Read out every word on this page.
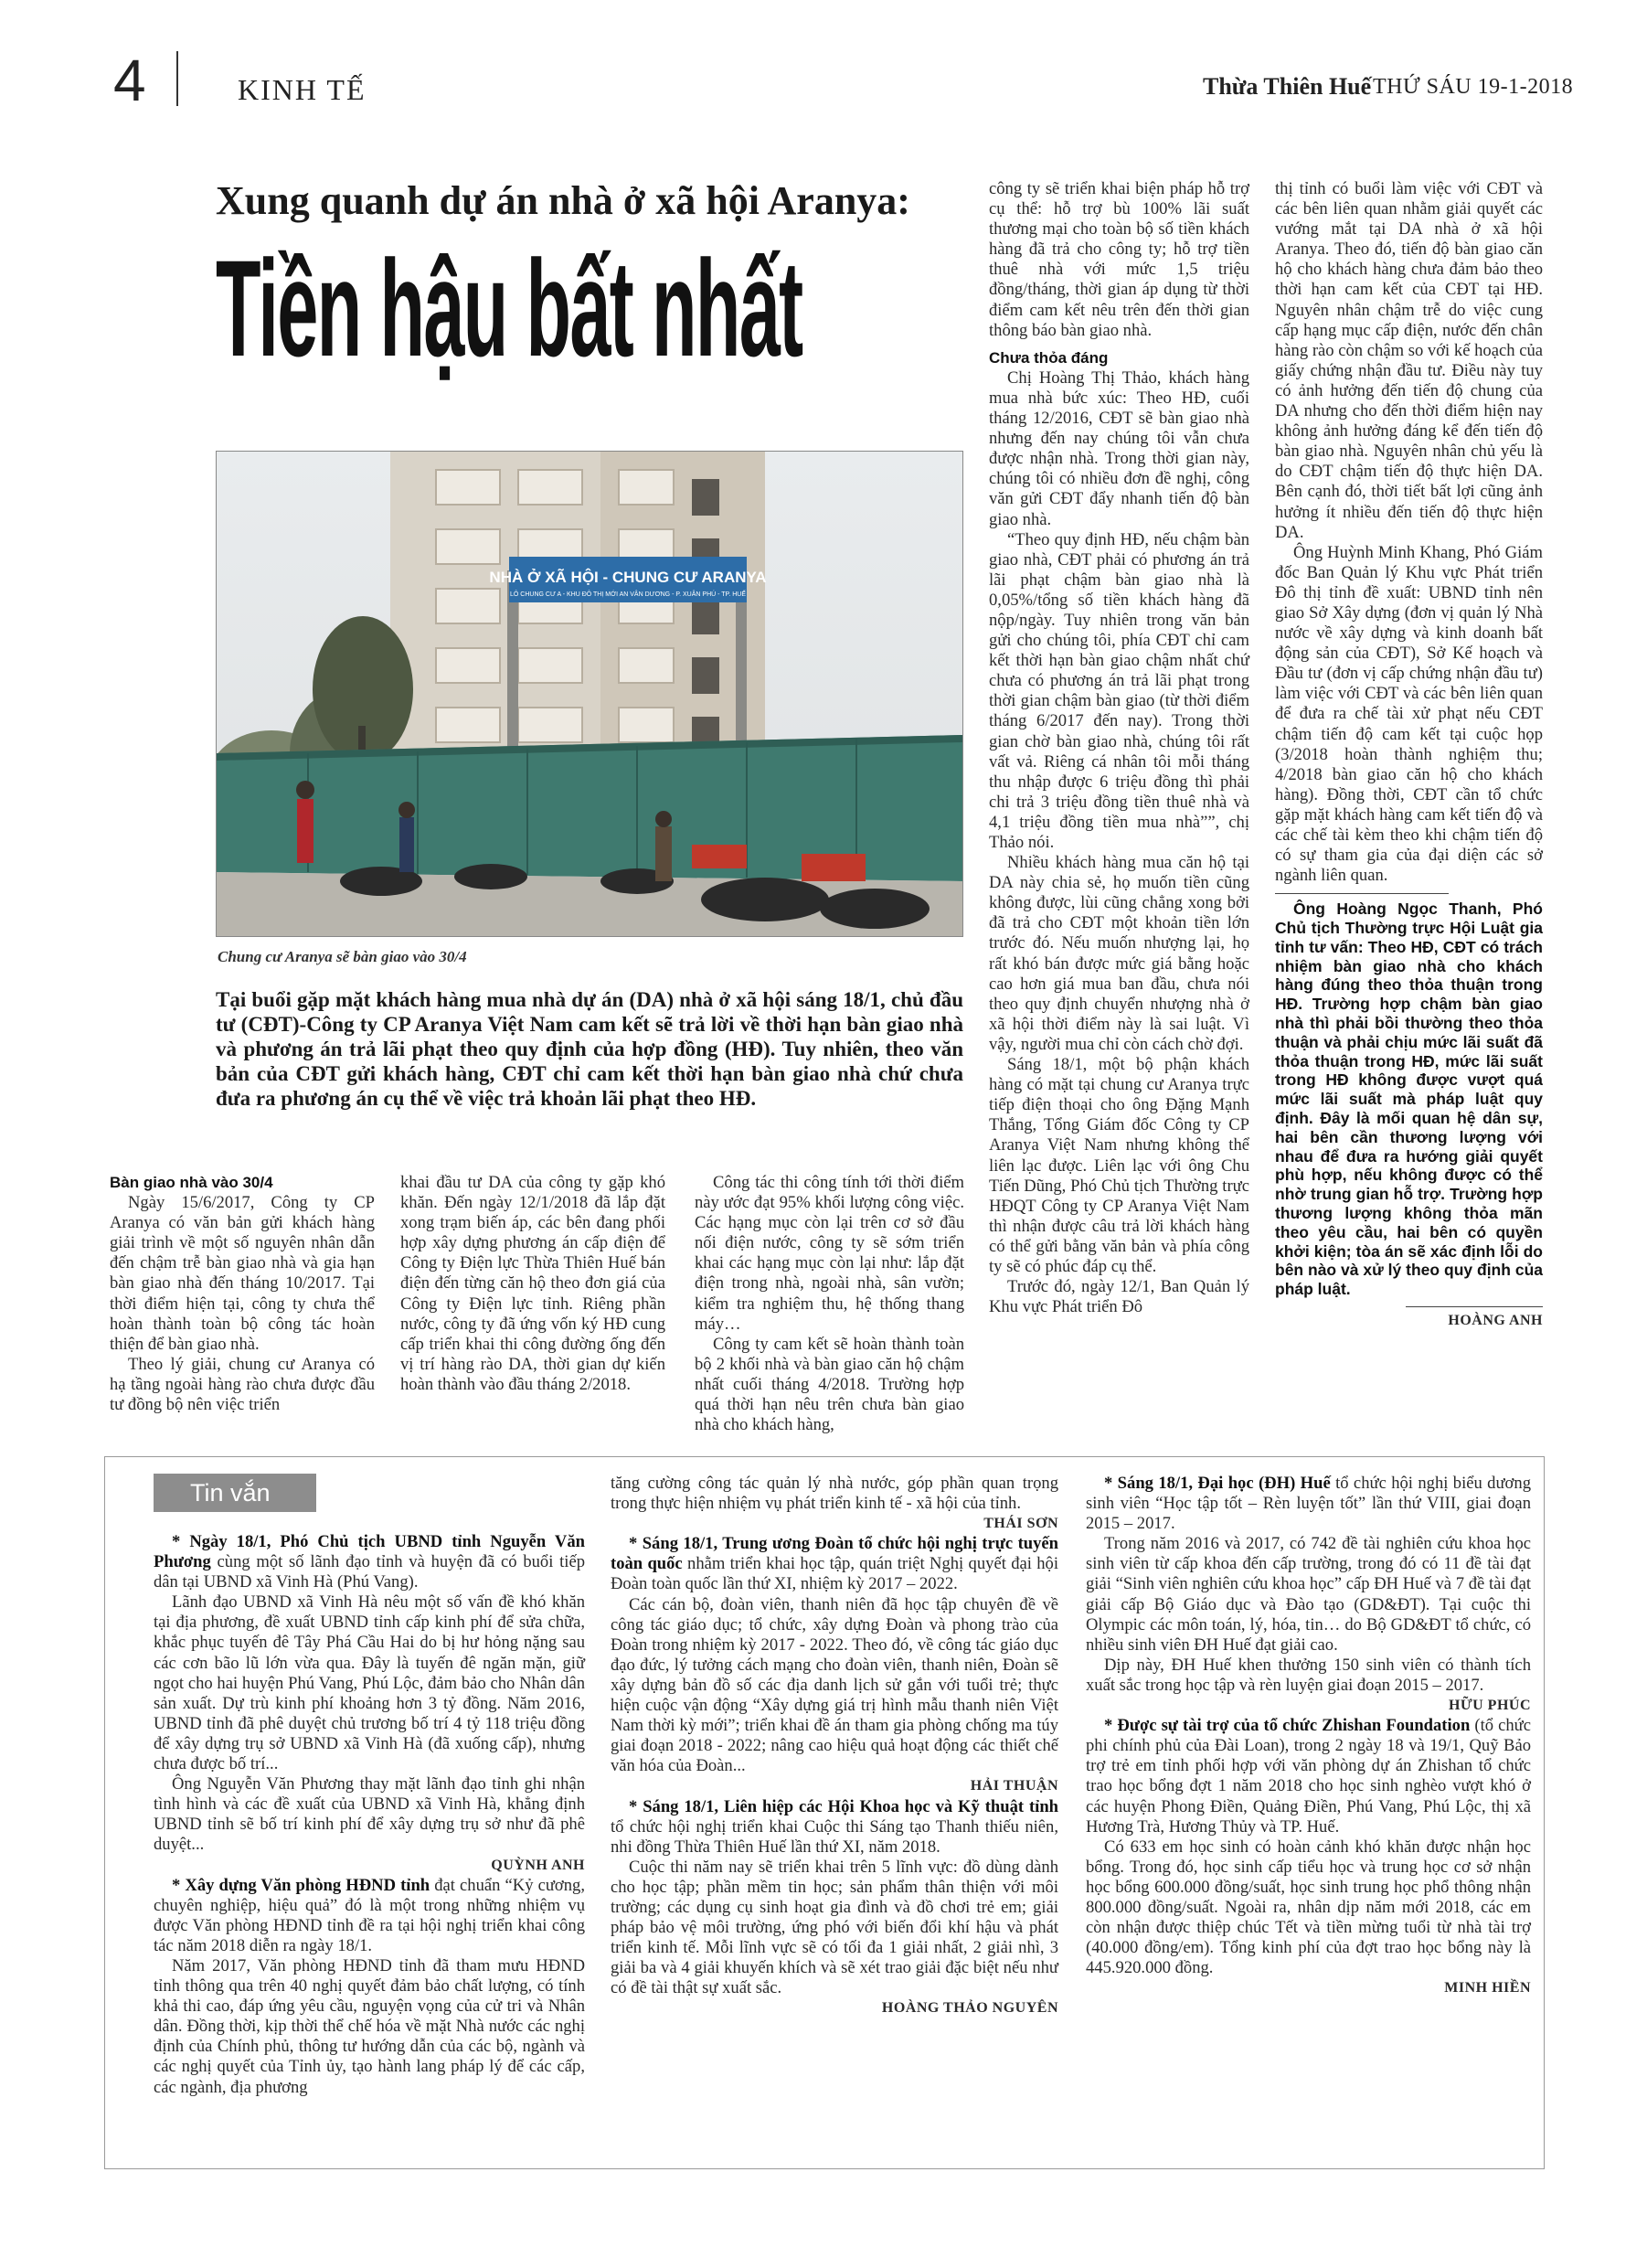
4	KINH TẾ	Thừa Thiên Huế THỨ SÁU 19-1-2018
Xung quanh dự án nhà ở xã hội Aranya:
Tiền hậu bất nhất
NHÀ Ở XÃ HỘI - CHUNG CƯ ARANYA
LÔ CHUNG CƯ A - KHU ĐÔ THỊ MỚI AN VÂN DƯƠNG - P. XUÂN PHÚ - TP. HUẾ
Chung cư Aranya sẽ bàn giao vào 30/4
Tại buổi gặp mặt khách hàng mua nhà dự án (DA) nhà ở xã hội sáng 18/1, chủ đầu tư (CĐT)-Công ty CP Aranya Việt Nam cam kết sẽ trả lời về thời hạn bàn giao nhà và phương án trả lãi phạt theo quy định của hợp đồng (HĐ). Tuy nhiên, theo văn bản của CĐT gửi khách hàng, CĐT chỉ cam kết thời hạn bàn giao nhà chứ chưa đưa ra phương án cụ thể về việc trả khoản lãi phạt theo HĐ.

Bàn giao nhà vào 30/4

Ngày 15/6/2017, Công ty CP Aranya có văn bản gửi khách hàng giải trình về một số nguyên nhân dẫn đến chậm trễ bàn giao nhà và gia hạn bàn giao nhà đến tháng 10/2017. Tại thời điểm hiện tại, công ty chưa thể hoàn thành toàn bộ công tác hoàn thiện để bàn giao nhà.

Theo lý giải, chung cư Aranya có hạ tầng ngoài hàng rào chưa được đầu tư đồng bộ nên việc triển

khai đầu tư DA của công ty gặp khó khăn. Đến ngày 12/1/2018 đã lắp đặt xong trạm biến áp, các bên đang phối hợp xây dựng phương án cấp điện để Công ty Điện lực Thừa Thiên Huế bán điện đến từng căn hộ theo đơn giá của Công ty Điện lực tỉnh. Riêng phần nước, công ty đã ứng vốn ký HĐ cung cấp triển khai thi công đường ống đến vị trí hàng rào DA, thời gian dự kiến hoàn thành vào đầu tháng 2/2018.

Công tác thi công tính tới thời điểm này ước đạt 95% khối lượng công việc. Các hạng mục còn lại trên cơ sở đầu nối điện nước, công ty sẽ sớm triển khai các hạng mục còn lại như: lắp đặt điện trong nhà, ngoài nhà, sân vườn; kiểm tra nghiệm thu, hệ thống thang máy…

Công ty cam kết sẽ hoàn thành toàn bộ 2 khối nhà và bàn giao căn hộ chậm nhất cuối tháng 4/2018. Trường hợp quá thời hạn nêu trên chưa bàn giao nhà cho khách hàng,

công ty sẽ triển khai biện pháp hỗ trợ cụ thể: hỗ trợ bù 100% lãi suất thương mại cho toàn bộ số tiền khách hàng đã trả cho công ty; hỗ trợ tiền thuê nhà với mức 1,5 triệu đồng/tháng, thời gian áp dụng từ thời điểm cam kết nêu trên đến thời gian thông báo bàn giao nhà.

Chưa thỏa đáng

Chị Hoàng Thị Thảo, khách hàng mua nhà bức xúc: Theo HĐ, cuối tháng 12/2016, CĐT sẽ bàn giao nhà nhưng đến nay chúng tôi vẫn chưa được nhận nhà. Trong thời gian này, chúng tôi có nhiều đơn đề nghị, công văn gửi CĐT đẩy nhanh tiến độ bàn giao nhà.

“Theo quy định HĐ, nếu chậm bàn giao nhà, CĐT phải có phương án trả lãi phạt chậm bàn giao nhà là 0,05%/tổng số tiền khách hàng đã nộp/ngày. Tuy nhiên trong văn bản gửi cho chúng tôi, phía CĐT chỉ cam kết thời hạn bàn giao chậm nhất chứ chưa có phương án trả lãi phạt trong thời gian chậm bàn giao (từ thời điểm tháng 6/2017 đến nay). Trong thời gian chờ bàn giao nhà, chúng tôi rất vất vả. Riêng cá nhân tôi mỗi tháng thu nhập được 6 triệu đồng thì phải chi trả 3 triệu đồng tiền thuê nhà và 4,1 triệu đồng tiền mua nhà””, chị Thảo nói.

Nhiều khách hàng mua căn hộ tại DA này chia sẻ, họ muốn tiền cũng không được, lùi cũng chẳng xong bởi đã trả cho CĐT một khoản tiền lớn trước đó. Nếu muốn nhượng lại, họ rất khó bán được mức giá bằng hoặc cao hơn giá mua ban đầu, chưa nói theo quy định chuyển nhượng nhà ở xã hội thời điểm này là sai luật. Vì vậy, người mua chỉ còn cách chờ đợi.

Sáng 18/1, một bộ phận khách hàng có mặt tại chung cư Aranya trực tiếp điện thoại cho ông Đặng Mạnh Thắng, Tổng Giám đốc Công ty CP Aranya Việt Nam nhưng không thể liên lạc được. Liên lạc với ông Chu Tiến Dũng, Phó Chủ tịch Thường trực HĐQT Công ty CP Aranya Việt Nam thì nhận được câu trả lời khách hàng có thể gửi bằng văn bản và phía công ty sẽ có phúc đáp cụ thể.

Trước đó, ngày 12/1, Ban Quản lý Khu vực Phát triển Đô

thị tỉnh có buổi làm việc với CĐT và các bên liên quan nhằm giải quyết các vướng mắt tại DA nhà ở xã hội Aranya. Theo đó, tiến độ bàn giao căn hộ cho khách hàng chưa đảm bảo theo thời hạn cam kết của CĐT tại HĐ. Nguyên nhân chậm trễ do việc cung cấp hạng mục cấp điện, nước đến chân hàng rào còn chậm so với kế hoạch của giấy chứng nhận đầu tư. Điều này tuy có ảnh hưởng đến tiến độ chung của DA nhưng cho đến thời điểm hiện nay không ảnh hưởng đáng kể đến tiến độ bàn giao nhà. Nguyên nhân chủ yếu là do CĐT chậm tiến độ thực hiện DA. Bên cạnh đó, thời tiết bất lợi cũng ảnh hưởng ít nhiều đến tiến độ thực hiện DA.

Ông Huỳnh Minh Khang, Phó Giám đốc Ban Quản lý Khu vực Phát triển Đô thị tỉnh đề xuất: UBND tỉnh nên giao Sở Xây dựng (đơn vị quản lý Nhà nước về xây dựng và kinh doanh bất động sản của CĐT), Sở Kế hoạch và Đầu tư (đơn vị cấp chứng nhận đầu tư) làm việc với CĐT và các bên liên quan để đưa ra chế tài xử phạt nếu CĐT chậm tiến độ cam kết tại cuộc họp (3/2018 hoàn thành nghiệm thu; 4/2018 bàn giao căn hộ cho khách hàng). Đồng thời, CĐT cần tổ chức gặp mặt khách hàng cam kết tiến độ và các chế tài kèm theo khi chậm tiến độ có sự tham gia của đại diện các sở ngành liên quan.

Ông Hoàng Ngọc Thanh, Phó Chủ tịch Thường trực Hội Luật gia tỉnh tư vấn: Theo HĐ, CĐT có trách nhiệm bàn giao nhà cho khách hàng đúng theo thỏa thuận trong HĐ. Trường hợp chậm bàn giao nhà thì phải bồi thường theo thỏa thuận và phải chịu mức lãi suất đã thỏa thuận trong HĐ, mức lãi suất trong HĐ không được vượt quá mức lãi suất mà pháp luật quy định. Đây là mối quan hệ dân sự, hai bên cần thương lượng với nhau để đưa ra hướng giải quyết phù hợp, nếu không được có thể nhờ trung gian hỗ trợ. Trường hợp thương lượng không thỏa mãn theo yêu cầu, hai bên có quyền khởi kiện; tòa án sẽ xác định lỗi do bên nào và xử lý theo quy định của pháp luật.

HOÀNG ANH

Tin vắn

* Ngày 18/1, Phó Chủ tịch UBND tỉnh Nguyễn Văn Phương cùng một số lãnh đạo tỉnh và huyện đã có buổi tiếp dân tại UBND xã Vinh Hà (Phú Vang).

Lãnh đạo UBND xã Vinh Hà nêu một số vấn đề khó khăn tại địa phương, đề xuất UBND tỉnh cấp kinh phí để sửa chữa, khắc phục tuyến đê Tây Phá Cầu Hai do bị hư hỏng nặng sau các cơn bão lũ lớn vừa qua. Đây là tuyến đê ngăn mặn, giữ ngọt cho hai huyện Phú Vang, Phú Lộc, đảm bảo cho Nhân dân sản xuất. Dự trù kinh phí khoảng hơn 3 tỷ đồng. Năm 2016, UBND tỉnh đã phê duyệt chủ trương bố trí 4 tỷ 118 triệu đồng để xây dựng trụ sở UBND xã Vinh Hà (đã xuống cấp), nhưng chưa được bố trí...

Ông Nguyễn Văn Phương thay mặt lãnh đạo tỉnh ghi nhận tình hình và các đề xuất của UBND xã Vinh Hà, khẳng định UBND tỉnh sẽ bố trí kinh phí để xây dựng trụ sở như đã phê duyệt...

QUỲNH ANH

* Xây dựng Văn phòng HĐND tỉnh đạt chuẩn “Kỷ cương, chuyên nghiệp, hiệu quả” đó là một trong những nhiệm vụ được Văn phòng HĐND tỉnh đề ra tại hội nghị triển khai công tác năm 2018 diễn ra ngày 18/1.

Năm 2017, Văn phòng HĐND tỉnh đã tham mưu HĐND tỉnh thông qua trên 40 nghị quyết đảm bảo chất lượng, có tính khả thi cao, đáp ứng yêu cầu, nguyện vọng của cử tri và Nhân dân. Đồng thời, kịp thời thể chế hóa về mặt Nhà nước các nghị định của Chính phủ, thông tư hướng dẫn của các bộ, ngành và các nghị quyết của Tỉnh ủy, tạo hành lang pháp lý để các cấp, các ngành, địa phương

tăng cường công tác quản lý nhà nước, góp phần quan trọng trong thực hiện nhiệm vụ phát triển kinh tế - xã hội của tỉnh.

THÁI SƠN

* Sáng 18/1, Trung ương Đoàn tổ chức hội nghị trực tuyến toàn quốc nhằm triển khai học tập, quán triệt Nghị quyết đại hội Đoàn toàn quốc lần thứ XI, nhiệm kỳ 2017 – 2022.

Các cán bộ, đoàn viên, thanh niên đã học tập chuyên đề về công tác giáo dục; tổ chức, xây dựng Đoàn và phong trào của Đoàn trong nhiệm kỳ 2017 - 2022. Theo đó, về công tác giáo dục đạo đức, lý tưởng cách mạng cho đoàn viên, thanh niên, Đoàn sẽ xây dựng bản đồ số các địa danh lịch sử gắn với tuổi trẻ; thực hiện cuộc vận động “Xây dựng giá trị hình mẫu thanh niên Việt Nam thời kỳ mới”; triển khai đề án tham gia phòng chống ma túy giai đoạn 2018 - 2022; nâng cao hiệu quả hoạt động các thiết chế văn hóa của Đoàn...

HẢI THUẬN

* Sáng 18/1, Liên hiệp các Hội Khoa học và Kỹ thuật tỉnh tổ chức hội nghị triển khai Cuộc thi Sáng tạo Thanh thiếu niên, nhi đồng Thừa Thiên Huế lần thứ XI, năm 2018.

Cuộc thi năm nay sẽ triển khai trên 5 lĩnh vực: đồ dùng dành cho học tập; phần mềm tin học; sản phẩm thân thiện với môi trường; các dụng cụ sinh hoạt gia đình và đồ chơi trẻ em; giải pháp bảo vệ môi trường, ứng phó với biến đổi khí hậu và phát triển kinh tế. Mỗi lĩnh vực sẽ có tối đa 1 giải nhất, 2 giải nhì, 3 giải ba và 4 giải khuyến khích và sẽ xét trao giải đặc biệt nếu như có đề tài thật sự xuất sắc.

HOÀNG THẢO NGUYÊN

* Sáng 18/1, Đại học (ĐH) Huế tổ chức hội nghị biểu dương sinh viên “Học tập tốt – Rèn luyện tốt” lần thứ VIII, giai đoạn 2015 – 2017.

Trong năm 2016 và 2017, có 742 đề tài nghiên cứu khoa học sinh viên từ cấp khoa đến cấp trường, trong đó có 11 đề tài đạt giải “Sinh viên nghiên cứu khoa học” cấp ĐH Huế và 7 đề tài đạt giải cấp Bộ Giáo dục và Đào tạo (GD&ĐT). Tại cuộc thi Olympic các môn toán, lý, hóa, tin… do Bộ GD&ĐT tổ chức, có nhiều sinh viên ĐH Huế đạt giải cao.

Dịp này, ĐH Huế khen thưởng 150 sinh viên có thành tích xuất sắc trong học tập và rèn luyện giai đoạn 2015 – 2017.

HỮU PHÚC

* Được sự tài trợ của tổ chức Zhishan Foundation (tổ chức phi chính phủ của Đài Loan), trong 2 ngày 18 và 19/1, Quỹ Bảo trợ trẻ em tỉnh phối hợp với văn phòng dự án Zhishan tổ chức trao học bổng đợt 1 năm 2018 cho học sinh nghèo vượt khó ở các huyện Phong Điền, Quảng Điền, Phú Vang, Phú Lộc, thị xã Hương Trà, Hương Thủy và TP. Huế.

Có 633 em học sinh có hoàn cảnh khó khăn được nhận học bổng. Trong đó, học sinh cấp tiểu học và trung học cơ sở nhận học bổng 600.000 đồng/suất, học sinh trung học phổ thông nhận 800.000 đồng/suất. Ngoài ra, nhân dịp năm mới 2018, các em còn nhận được thiệp chúc Tết và tiền mừng tuổi từ nhà tài trợ (40.000 đồng/em). Tổng kinh phí của đợt trao học bổng này là 445.920.000 đồng.

MINH HIỀN
